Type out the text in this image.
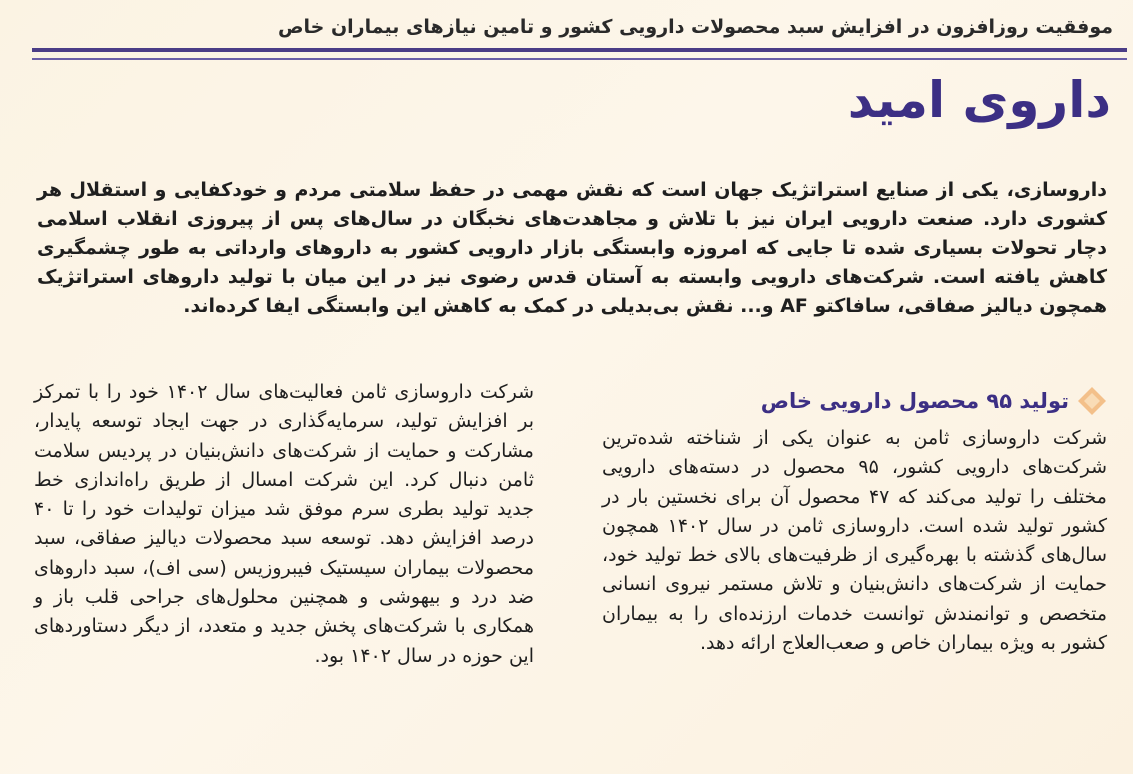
موفقیت روزافزون در افزایش سبد محصولات دارویی کشور و تامین نیازهای بیماران خاص
داروی امید
داروسازی، یکی از صنایع استراتژیک جهان است که نقش مهمی در حفظ سلامتی مردم و خودکفایی و استقلال هر کشوری دارد. صنعت دارویی ایران نیز با تلاش و مجاهدت‌های نخبگان در سال‌های پس از پیروزی انقلاب اسلامی دچار تحولات بسیاری شده تا جایی که امروزه وابستگی بازار دارویی کشور به داروهای وارداتی به طور چشمگیری کاهش یافته است. شرکت‌های دارویی وابسته به آستان قدس رضوی نیز در این میان با تولید داروهای استراتژیک همچون دیالیز صفاقی، سافاکتو AF و... نقش بی‌بدیلی در کمک به کاهش این وابستگی ایفا کرده‌اند.
تولید ۹۵ محصول دارویی خاص
شرکت داروسازی ثامن به عنوان یکی از شناخته شده‌ترین شرکت‌های دارویی کشور، ۹۵ محصول در دسته‌های دارویی مختلف را تولید می‌کند که ۴۷ محصول آن برای نخستین بار در کشور تولید شده است. داروسازی ثامن در سال ۱۴۰۲ همچون سال‌های گذشته با بهره‌گیری از ظرفیت‌های بالای خط تولید خود، حمایت از شرکت‌های دانش‌بنیان و تلاش مستمر نیروی انسانی متخصص و توانمندش توانست خدمات ارزنده‌ای را به بیماران کشور به ویژه بیماران خاص و صعب‌العلاج ارائه دهد.
شرکت داروسازی ثامن فعالیت‌های سال ۱۴۰۲ خود را با تمرکز بر افزایش تولید، سرمایه‌گذاری در جهت ایجاد توسعه پایدار، مشارکت و حمایت از شرکت‌های دانش‌بنیان در پردیس سلامت ثامن دنبال کرد. این شرکت امسال از طریق راه‌اندازی خط جدید تولید بطری سرم موفق شد میزان تولیدات خود را تا ۴۰ درصد افزایش دهد. توسعه سبد محصولات دیالیز صفاقی، سبد محصولات بیماران سیستیک فیبروزیس (سی اف)، سبد داروهای ضد درد و بیهوشی و همچنین محلول‌های جراحی قلب باز و همکاری با شرکت‌های پخش جدید و متعدد، از دیگر دستاوردهای این حوزه در سال ۱۴۰۲ بود.
